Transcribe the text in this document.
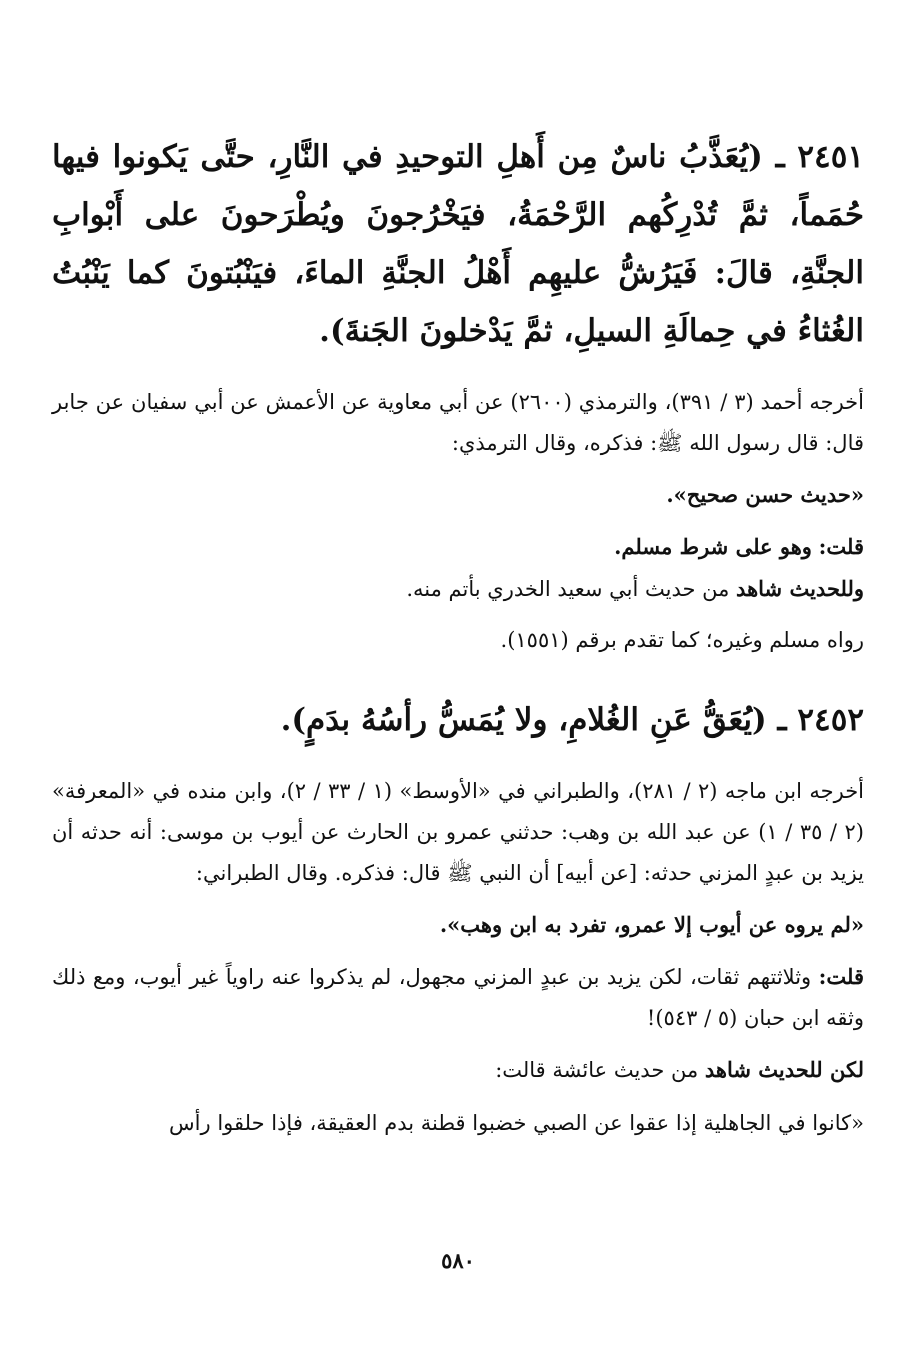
٢٤٥١ ـ (يُعَذَّبُ ناسٌ مِن أَهلِ التوحيدِ في النَّارِ، حتَّى يَكونوا فيها حُمَماً، ثمَّ تُدْرِكُهم الرَّحْمَةُ، فيَخْرُجونَ ويُطْرَحونَ على أَبْوابِ الجنَّةِ، قالَ: فَيَرُشُّ عليهِم أَهْلُ الجنَّةِ الماءَ، فيَنْبُتونَ كما يَنْبُتُ الغُثاءُ في حِمالَةِ السيلِ، ثمَّ يَدْخلونَ الجَنةَ).

أخرجه أحمد (٣ / ٣٩١)، والترمذي (٢٦٠٠) عن أبي معاوية عن الأعمش عن أبي سفيان عن جابر قال: قال رسول الله ﷺ: فذكره، وقال الترمذي:

«حديث حسن صحيح».

قلت: وهو على شرط مسلم.

وللحديث شاهد من حديث أبي سعيد الخدري بأتم منه.

رواه مسلم وغيره؛ كما تقدم برقم (١٥٥١).

٢٤٥٢ ـ (يُعَقُّ عَنِ الغُلامِ، ولا يُمَسُّ رأسُهُ بدَمٍ).

أخرجه ابن ماجه (٢ / ٢٨١)، والطبراني في «الأوسط» (١ / ٣٣ / ٢)، وابن منده في «المعرفة» (٢ / ٣٥ / ١) عن عبد الله بن وهب: حدثني عمرو بن الحارث عن أيوب بن موسى: أنه حدثه أن يزيد بن عبدٍ المزني حدثه: [عن أبيه] أن النبي ﷺ قال: فذكره. وقال الطبراني:

«لم يروه عن أيوب إلا عمرو، تفرد به ابن وهب».

قلت: وثلاثتهم ثقات، لكن يزيد بن عبدٍ المزني مجهول، لم يذكروا عنه راوياً غير أيوب، ومع ذلك وثقه ابن حبان (٥ / ٥٤٣)!

لكن للحديث شاهد من حديث عائشة قالت:

«كانوا في الجاهلية إذا عقوا عن الصبي خضبوا قطنة بدم العقيقة، فإذا حلقوا رأس

٥٨٠
